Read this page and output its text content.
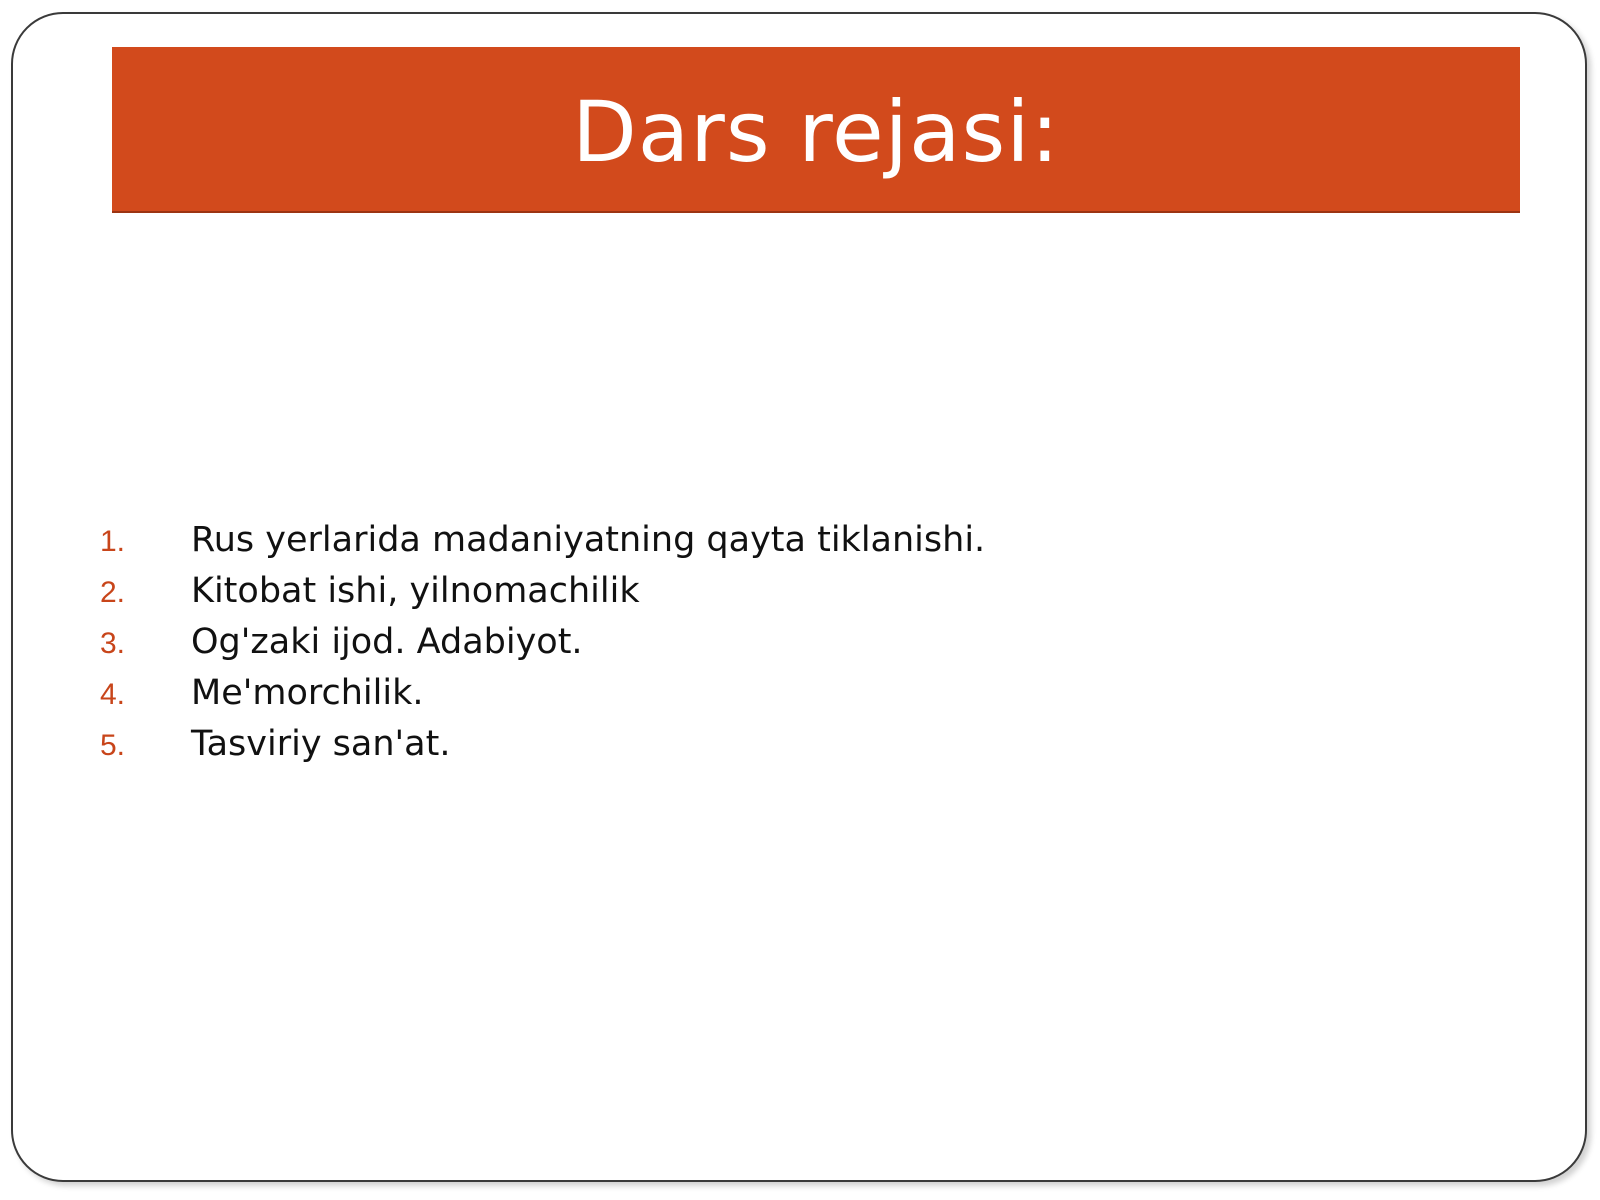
Dars rejasi:
1.	Rus yerlarida madaniyatning qayta tiklanishi.
2.	Kitobat ishi, yilnomachilik
3.	Og'zaki ijod. Adabiyot.
4.	Me'morchilik.
5.	Tasviriy san'at.
